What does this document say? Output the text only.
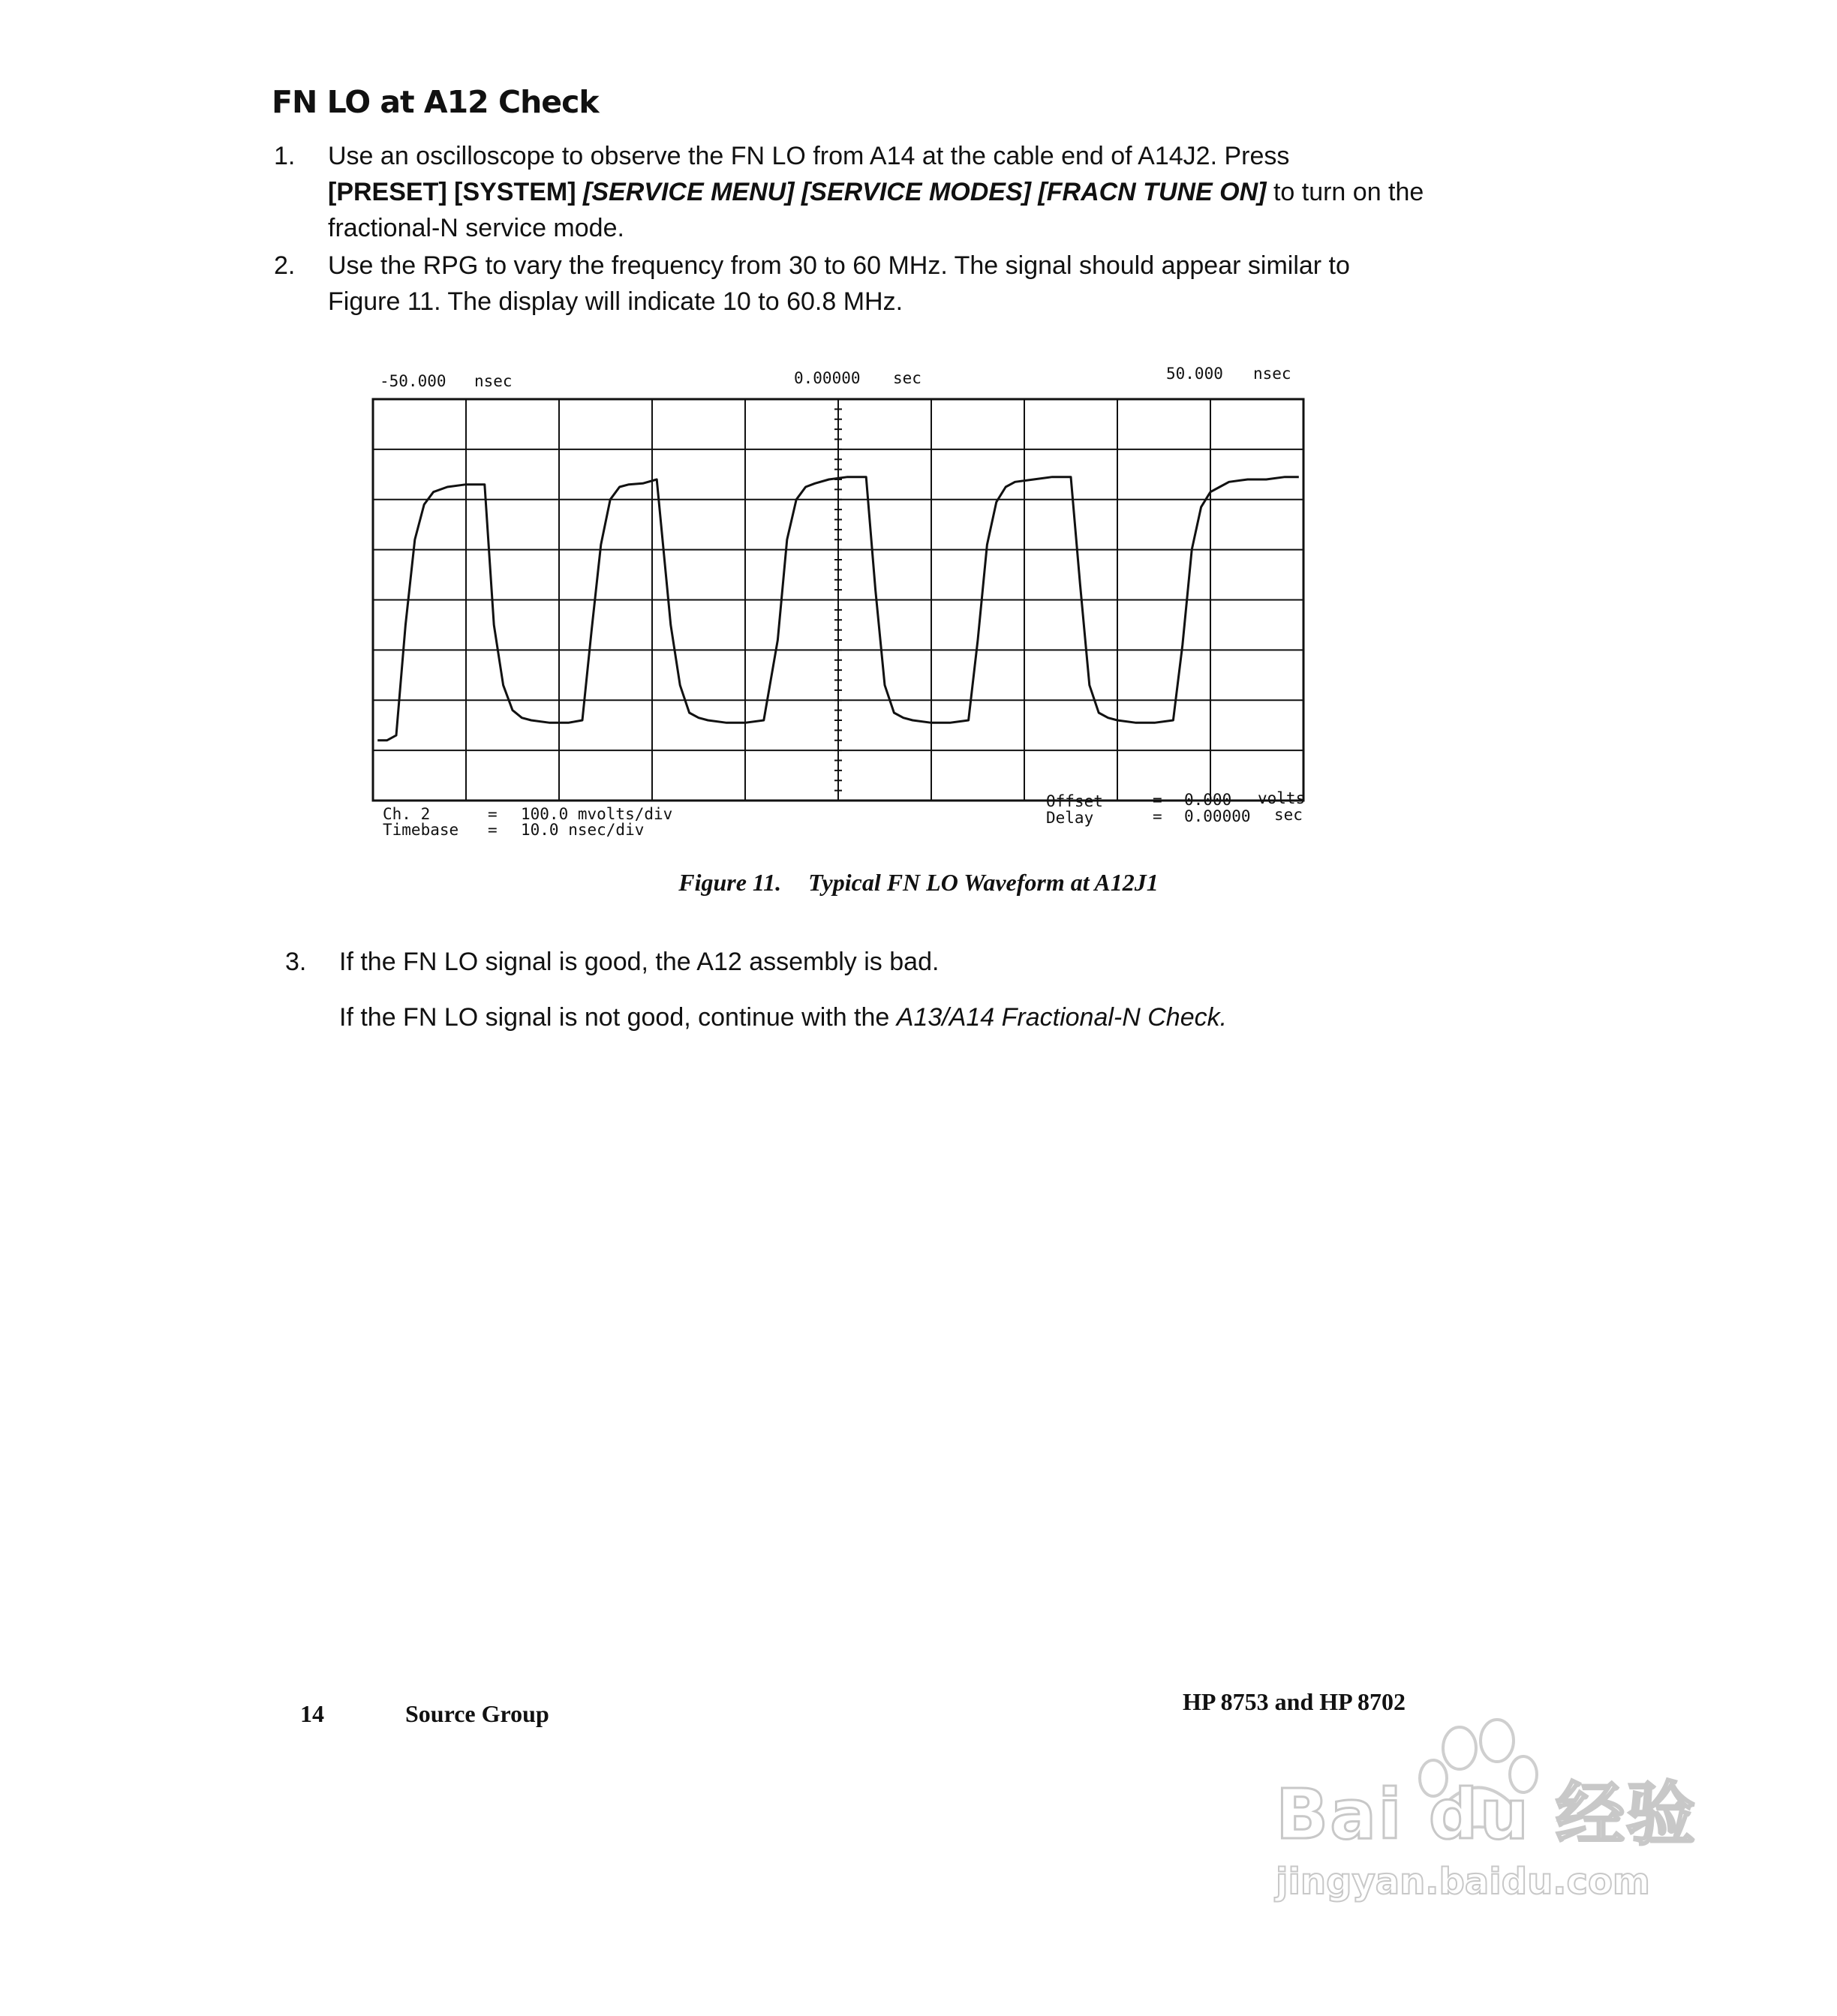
FN LO at A12 Check
1.	Use an oscilloscope to observe the FN LO from A14 at the cable end of A14J2. Press
[PRESET] [SYSTEM] [SERVICE MENU] [SERVICE MODES] [FRACN TUNE ON] to turn on the
fractional-N service mode.
2.	Use the RPG to vary the frequency from 30 to 60 MHz. The signal should appear similar to
Figure 11. The display will indicate 10 to 60.8 MHz.
-50.000 nsec	0.00000 sec	50.000 nsec
Ch. 2	= 100.0 mvolts/div
Timebase = 10.0 nsec/div
Offset	= 0.000 volts
Delay	= 0.00000 sec
Figure 11. Typical FN LO Waveform at A12J1
3.	If the FN LO signal is good, the A12 assembly is bad.
If the FN LO signal is not good, continue with the A13/A14 Fractional-N Check.
14	Source Group	HP 8753 and HP 8702
Bai du 经验
jingyan.baidu.com
